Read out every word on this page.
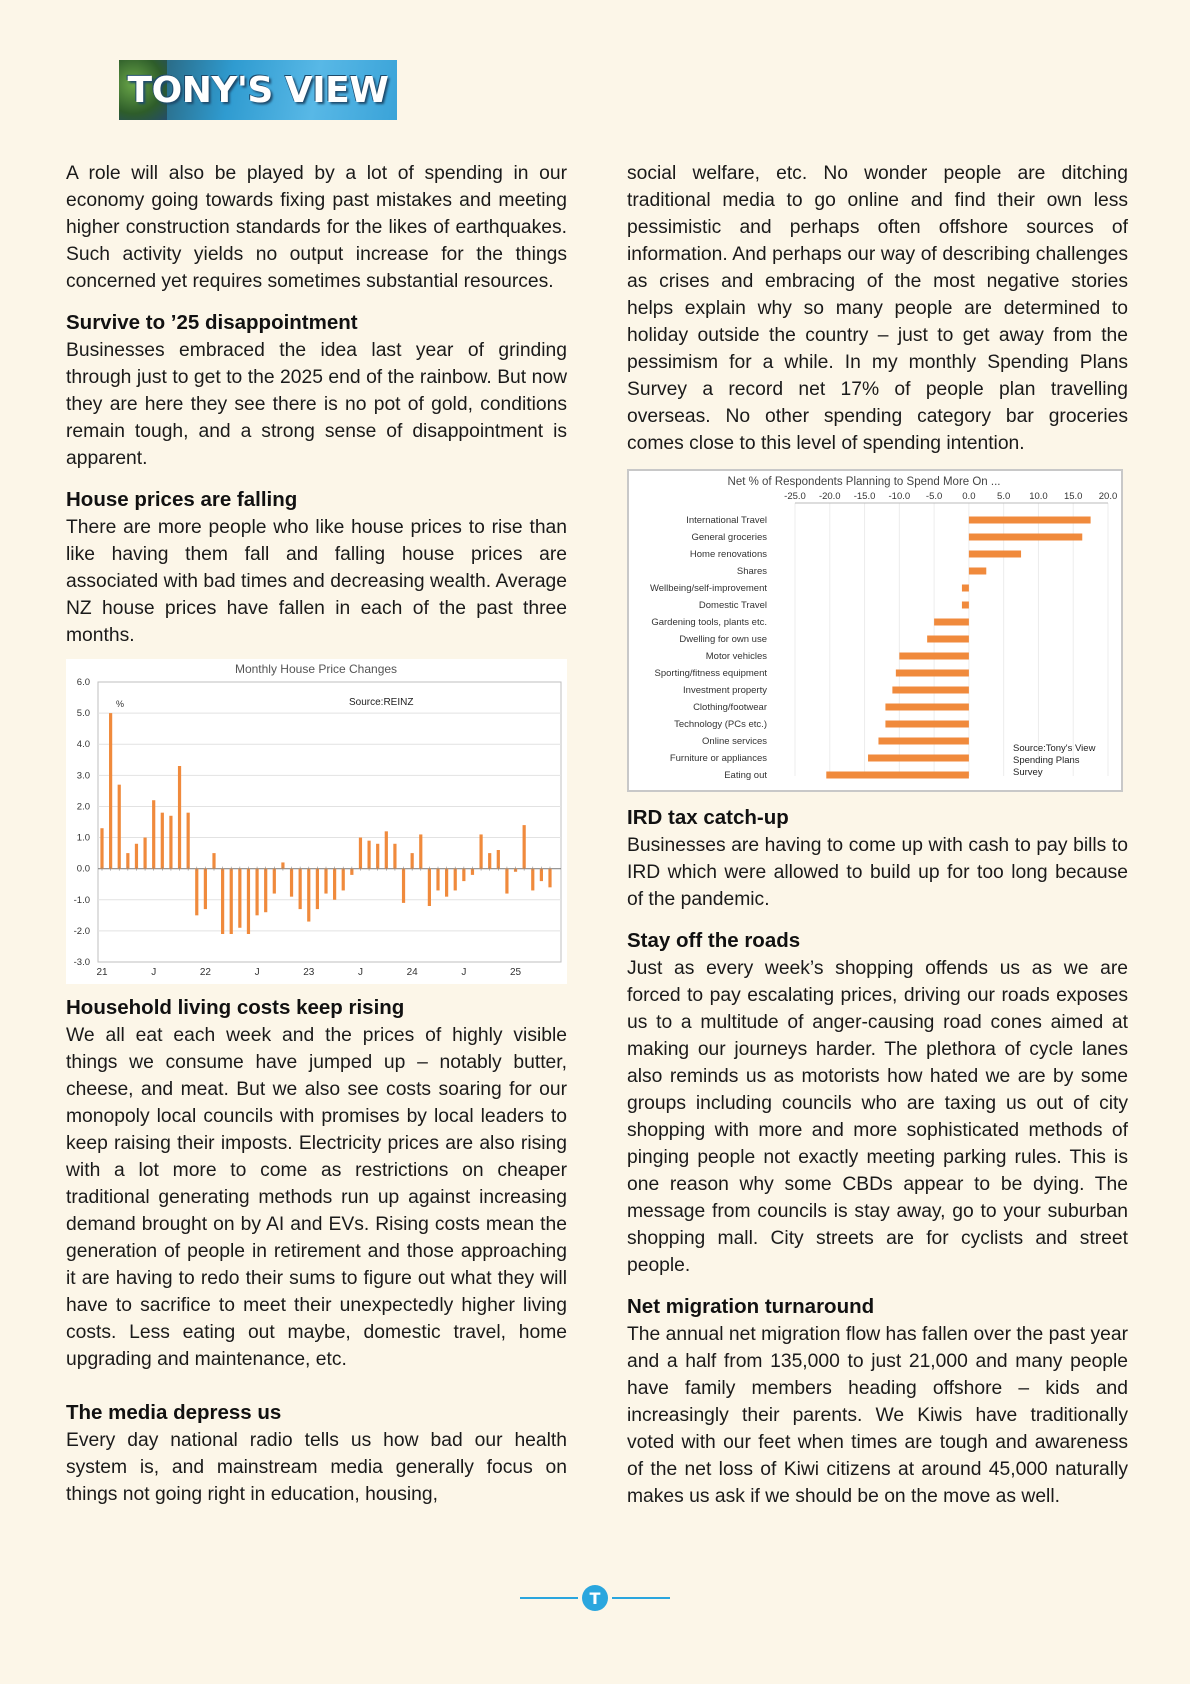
TONY'S VIEW

A role will also be played by a lot of spending in our economy going towards fixing past mistakes and meeting higher construction standards for the likes of earthquakes. Such activity yields no output increase for the things concerned yet requires sometimes substantial resources.

Survive to ’25 disappointment

Businesses embraced the idea last year of grinding through just to get to the 2025 end of the rainbow. But now they are here they see there is no pot of gold, conditions remain tough, and a strong sense of disappointment is apparent.

House prices are falling

There are more people who like house prices to rise than like having them fall and falling house prices are associated with bad times and decreasing wealth. Average NZ house prices have fallen in each of the past three months.

Monthly House Price Changes
%	Source:REINZ
6.0
5.0
4.0
3.0
2.0
1.0
0.0
-1.0
-2.0
-3.0
21	J	22	J	23	J	24	J	25
Household living costs keep rising

We all eat each week and the prices of highly visible things we consume have jumped up – notably butter, cheese, and meat. But we also see costs soaring for our monopoly local councils with promises by local leaders to keep raising their imposts. Electricity prices are also rising with a lot more to come as restrictions on cheaper traditional generating methods run up against increasing demand brought on by AI and EVs. Rising costs mean the generation of people in retirement and those approaching it are having to redo their sums to figure out what they will have to sacrifice to meet their unexpectedly higher living costs. Less eating out maybe, domestic travel, home upgrading and maintenance, etc.

The media depress us

Every day national radio tells us how bad our health system is, and mainstream media generally focus on things not going right in education, housing,

social welfare, etc. No wonder people are ditching traditional media to go online and find their own less pessimistic and perhaps often offshore sources of information. And perhaps our way of describing challenges as crises and embracing of the most negative stories helps explain why so many people are determined to holiday outside the country – just to get away from the pessimism for a while. In my monthly Spending Plans Survey a record net 17% of people plan travelling overseas. No other spending category bar groceries comes close to this level of spending intention.

Net % of Respondents Planning to Spend More On ...
-25.0 -20.0 -15.0 -10.0 -5.0 0.0 5.0 10.0 15.0 20.0
International Travel
General groceries
Home renovations
Shares
Wellbeing/self-improvement
Domestic Travel
Gardening tools, plants etc.
Dwelling for own use
Motor vehicles
Sporting/fitness equipment
Investment property
Clothing/footwear
Technology (PCs etc.)
Online services
Furniture or appliances
Eating out
Source:Tony's View Spending Plans Survey
IRD tax catch-up

Businesses are having to come up with cash to pay bills to IRD which were allowed to build up for too long because of the pandemic.

Stay off the roads

Just as every week’s shopping offends us as we are forced to pay escalating prices, driving our roads exposes us to a multitude of anger-causing road cones aimed at making our journeys harder. The plethora of cycle lanes also reminds us as motorists how hated we are by some groups including councils who are taxing us out of city shopping with more and more sophisticated methods of pinging people not exactly meeting parking rules. This is one reason why some CBDs appear to be dying. The message from councils is stay away, go to your suburban shopping mall. City streets are for cyclists and street people.

Net migration turnaround

The annual net migration flow has fallen over the past year and a half from 135,000 to just 21,000 and many people have family members heading offshore – kids and increasingly their parents. We Kiwis have traditionally voted with our feet when times are tough and awareness of the net loss of Kiwi citizens at around 45,000 naturally makes us ask if we should be on the move as well.

T
